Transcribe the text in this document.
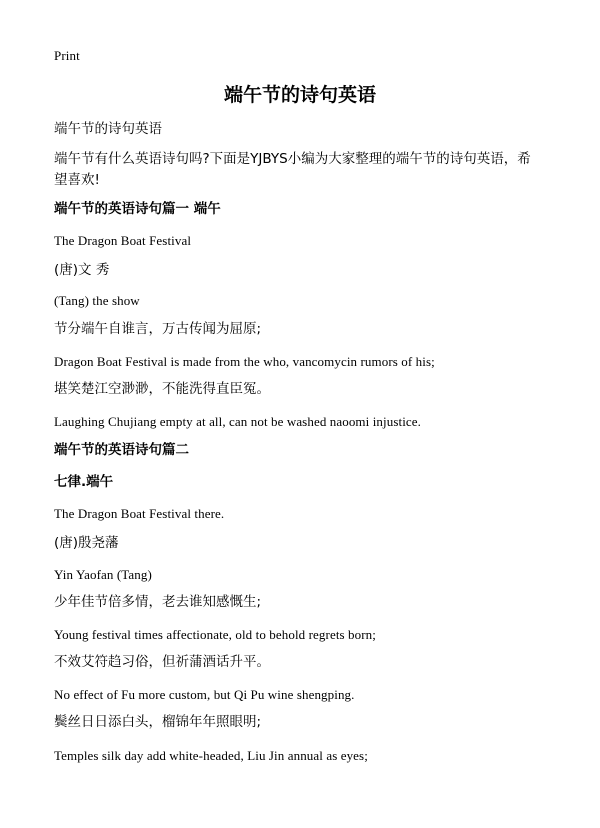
Print
端午节的诗句英语
端午节的诗句英语
端午节有什么英语诗句吗?下面是YJBYS小编为大家整理的端午节的诗句英语，希
望喜欢!
端午节的英语诗句篇一 端午
The Dragon Boat Festival
(唐)文 秀
(Tang) the show
节分端午自谁言，万古传闻为屈原;
Dragon Boat Festival is made from the who, vancomycin rumors of his;
堪笑楚江空渺渺，不能洗得直臣冤。
Laughing Chujiang empty at all, can not be washed naoomi injustice.
端午节的英语诗句篇二
七律.端午
The Dragon Boat Festival there.
(唐)殷尧藩
Yin Yaofan (Tang)
少年佳节倍多情，老去谁知感慨生;
Young festival times affectionate, old to behold regrets born;
不效艾符趋习俗，但祈蒲酒话升平。
No effect of Fu more custom, but Qi Pu wine shengping.
鬓丝日日添白头，榴锦年年照眼明;
Temples silk day add white-headed, Liu Jin annual as eyes;
